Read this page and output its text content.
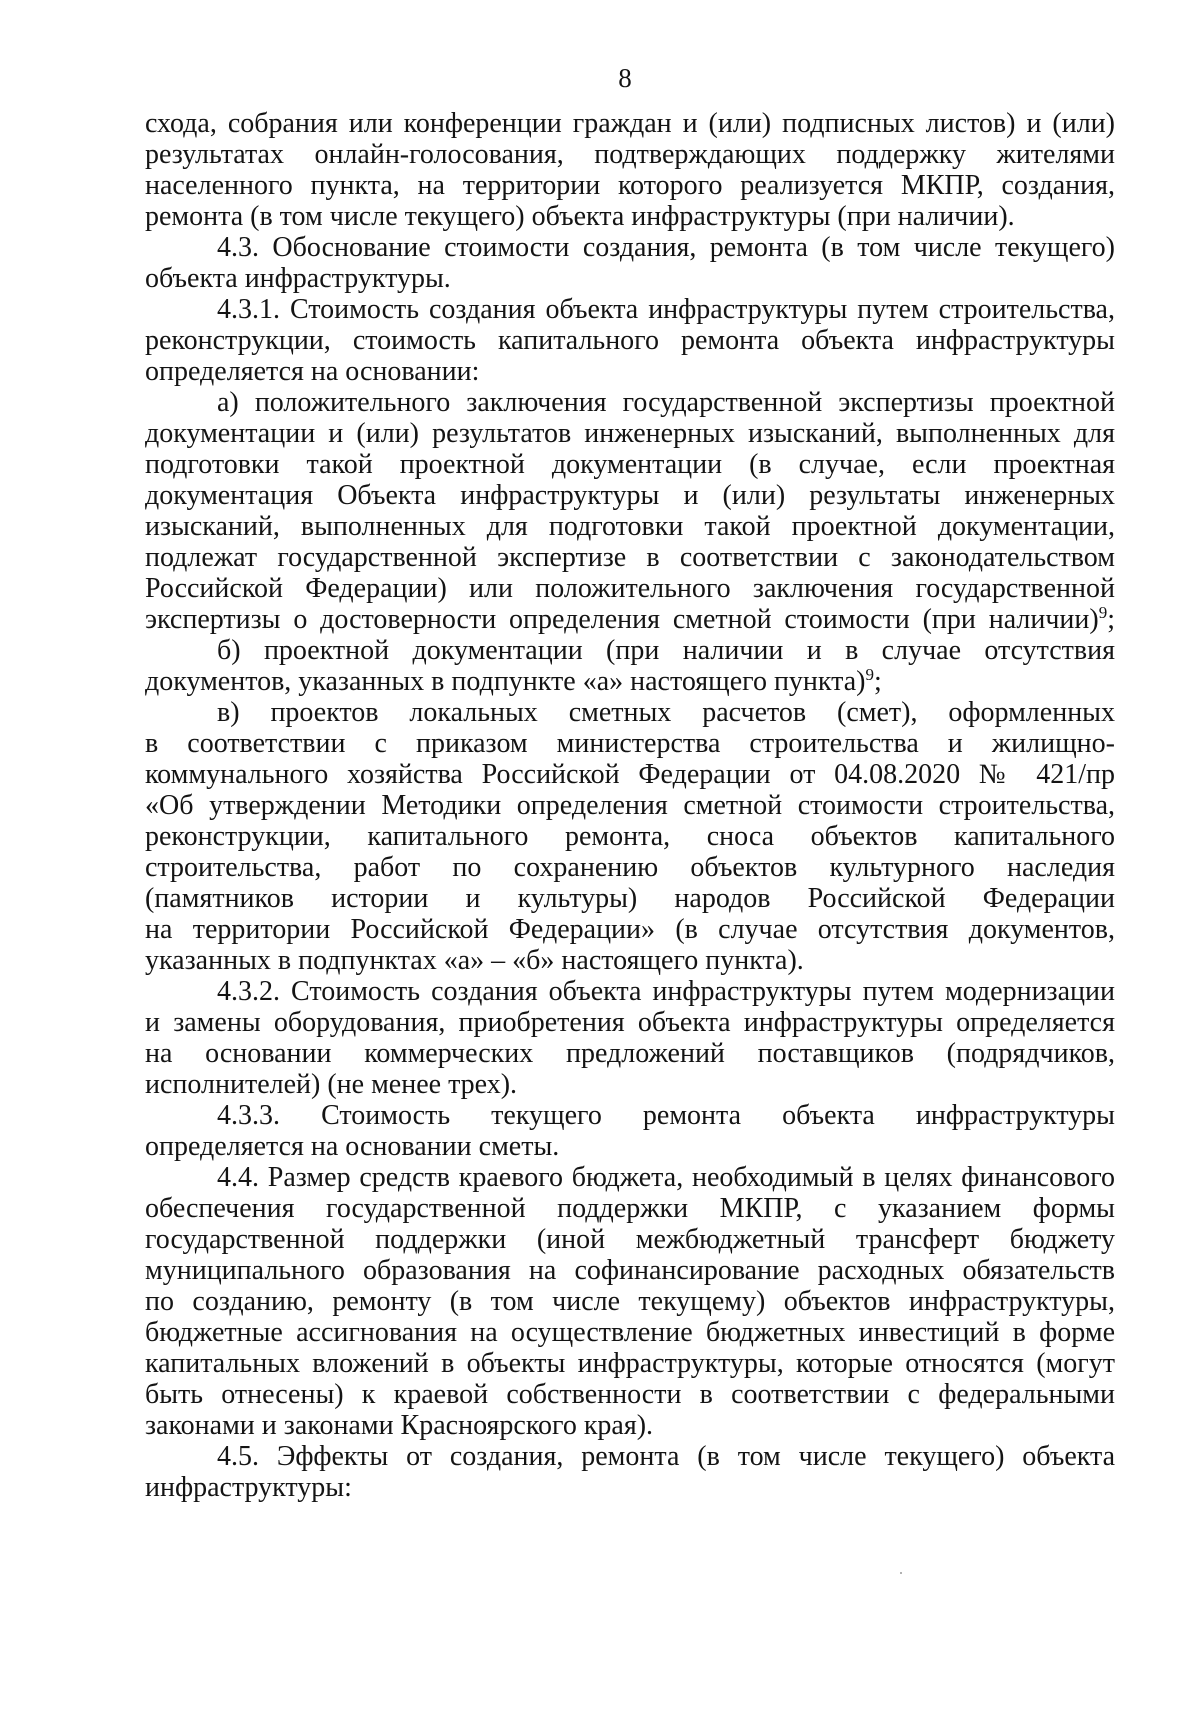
8
схода, собрания или конференции граждан и (или) подписных листов) и (или)
результатах онлайн-голосования, подтверждающих поддержку жителями
населенного пункта, на территории которого реализуется МКПР, создания,
ремонта (в том числе текущего) объекта инфраструктуры (при наличии).
4.3. Обоснование стоимости создания, ремонта (в том числе текущего)
объекта инфраструктуры.
4.3.1. Стоимость создания объекта инфраструктуры путем строительства,
реконструкции, стоимость капитального ремонта объекта инфраструктуры
определяется на основании:
а) положительного заключения государственной экспертизы проектной
документации и (или) результатов инженерных изысканий, выполненных для
подготовки такой проектной документации (в случае, если проектная
документация Объекта инфраструктуры и (или) результаты инженерных
изысканий, выполненных для подготовки такой проектной документации,
подлежат государственной экспертизе в соответствии с законодательством
Российской Федерации) или положительного заключения государственной
экспертизы о достоверности определения сметной стоимости (при наличии)$^9$;
б) проектной документации (при наличии и в случае отсутствия
документов, указанных в подпункте «а» настоящего пункта)$^9$;
в) проектов локальных сметных расчетов (смет), оформленных
в соответствии с приказом министерства строительства и жилищно-
коммунального хозяйства Российской Федерации от 04.08.2020 № 421/пр
«Об утверждении Методики определения сметной стоимости строительства,
реконструкции, капитального ремонта, сноса объектов капитального
строительства, работ по сохранению объектов культурного наследия
(памятников истории и культуры) народов Российской Федерации
на территории Российской Федерации» (в случае отсутствия документов,
указанных в подпунктах «а» – «б» настоящего пункта).
4.3.2. Стоимость создания объекта инфраструктуры путем модернизации
и замены оборудования, приобретения объекта инфраструктуры определяется
на основании коммерческих предложений поставщиков (подрядчиков,
исполнителей) (не менее трех).
4.3.3. Стоимость текущего ремонта объекта инфраструктуры
определяется на основании сметы.
4.4. Размер средств краевого бюджета, необходимый в целях финансового
обеспечения государственной поддержки МКПР, с указанием формы
государственной поддержки (иной межбюджетный трансферт бюджету
муниципального образования на софинансирование расходных обязательств
по созданию, ремонту (в том числе текущему) объектов инфраструктуры,
бюджетные ассигнования на осуществление бюджетных инвестиций в форме
капитальных вложений в объекты инфраструктуры, которые относятся (могут
быть отнесены) к краевой собственности в соответствии с федеральными
законами и законами Красноярского края).
4.5. Эффекты от создания, ремонта (в том числе текущего) объекта
инфраструктуры:
